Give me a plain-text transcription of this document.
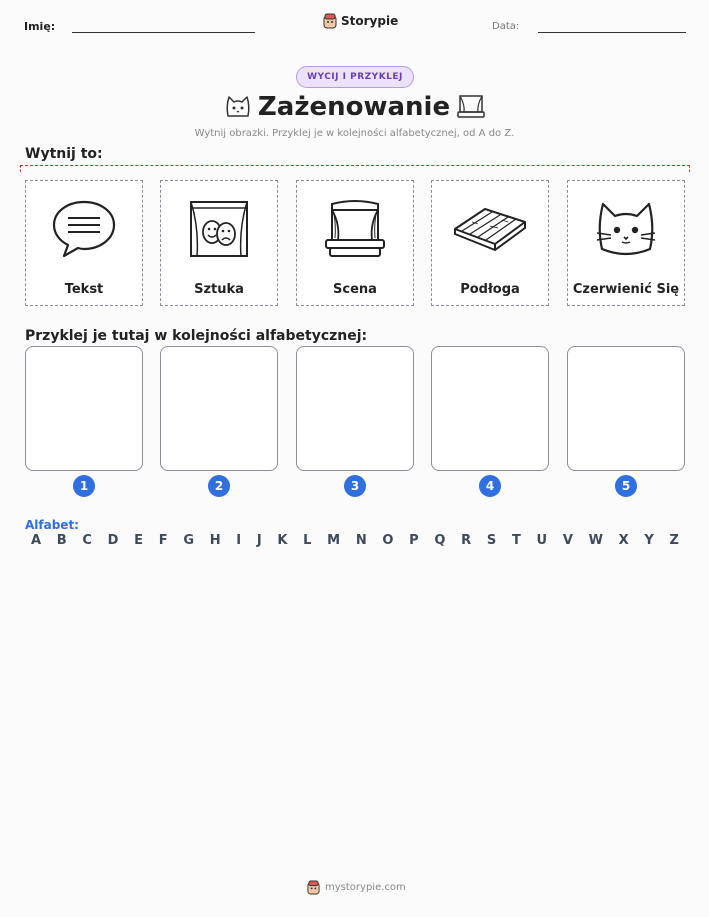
Imię:	Storypie	Data:
WYCIJ I PRZYKLEJ
Zażenowanie
Wytnij obrazki. Przyklej je w kolejności alfabetycznej, od A do Z.
Wytnij to:
Tekst	Sztuka	Scena	Podłoga	Czerwienić Się
Przyklej je tutaj w kolejności alfabetycznej:
1	2	3	4	5
Alfabet:
A B C D E F G H I J K L M N O P Q R S T U V W X Y Z
mystorypie.com
